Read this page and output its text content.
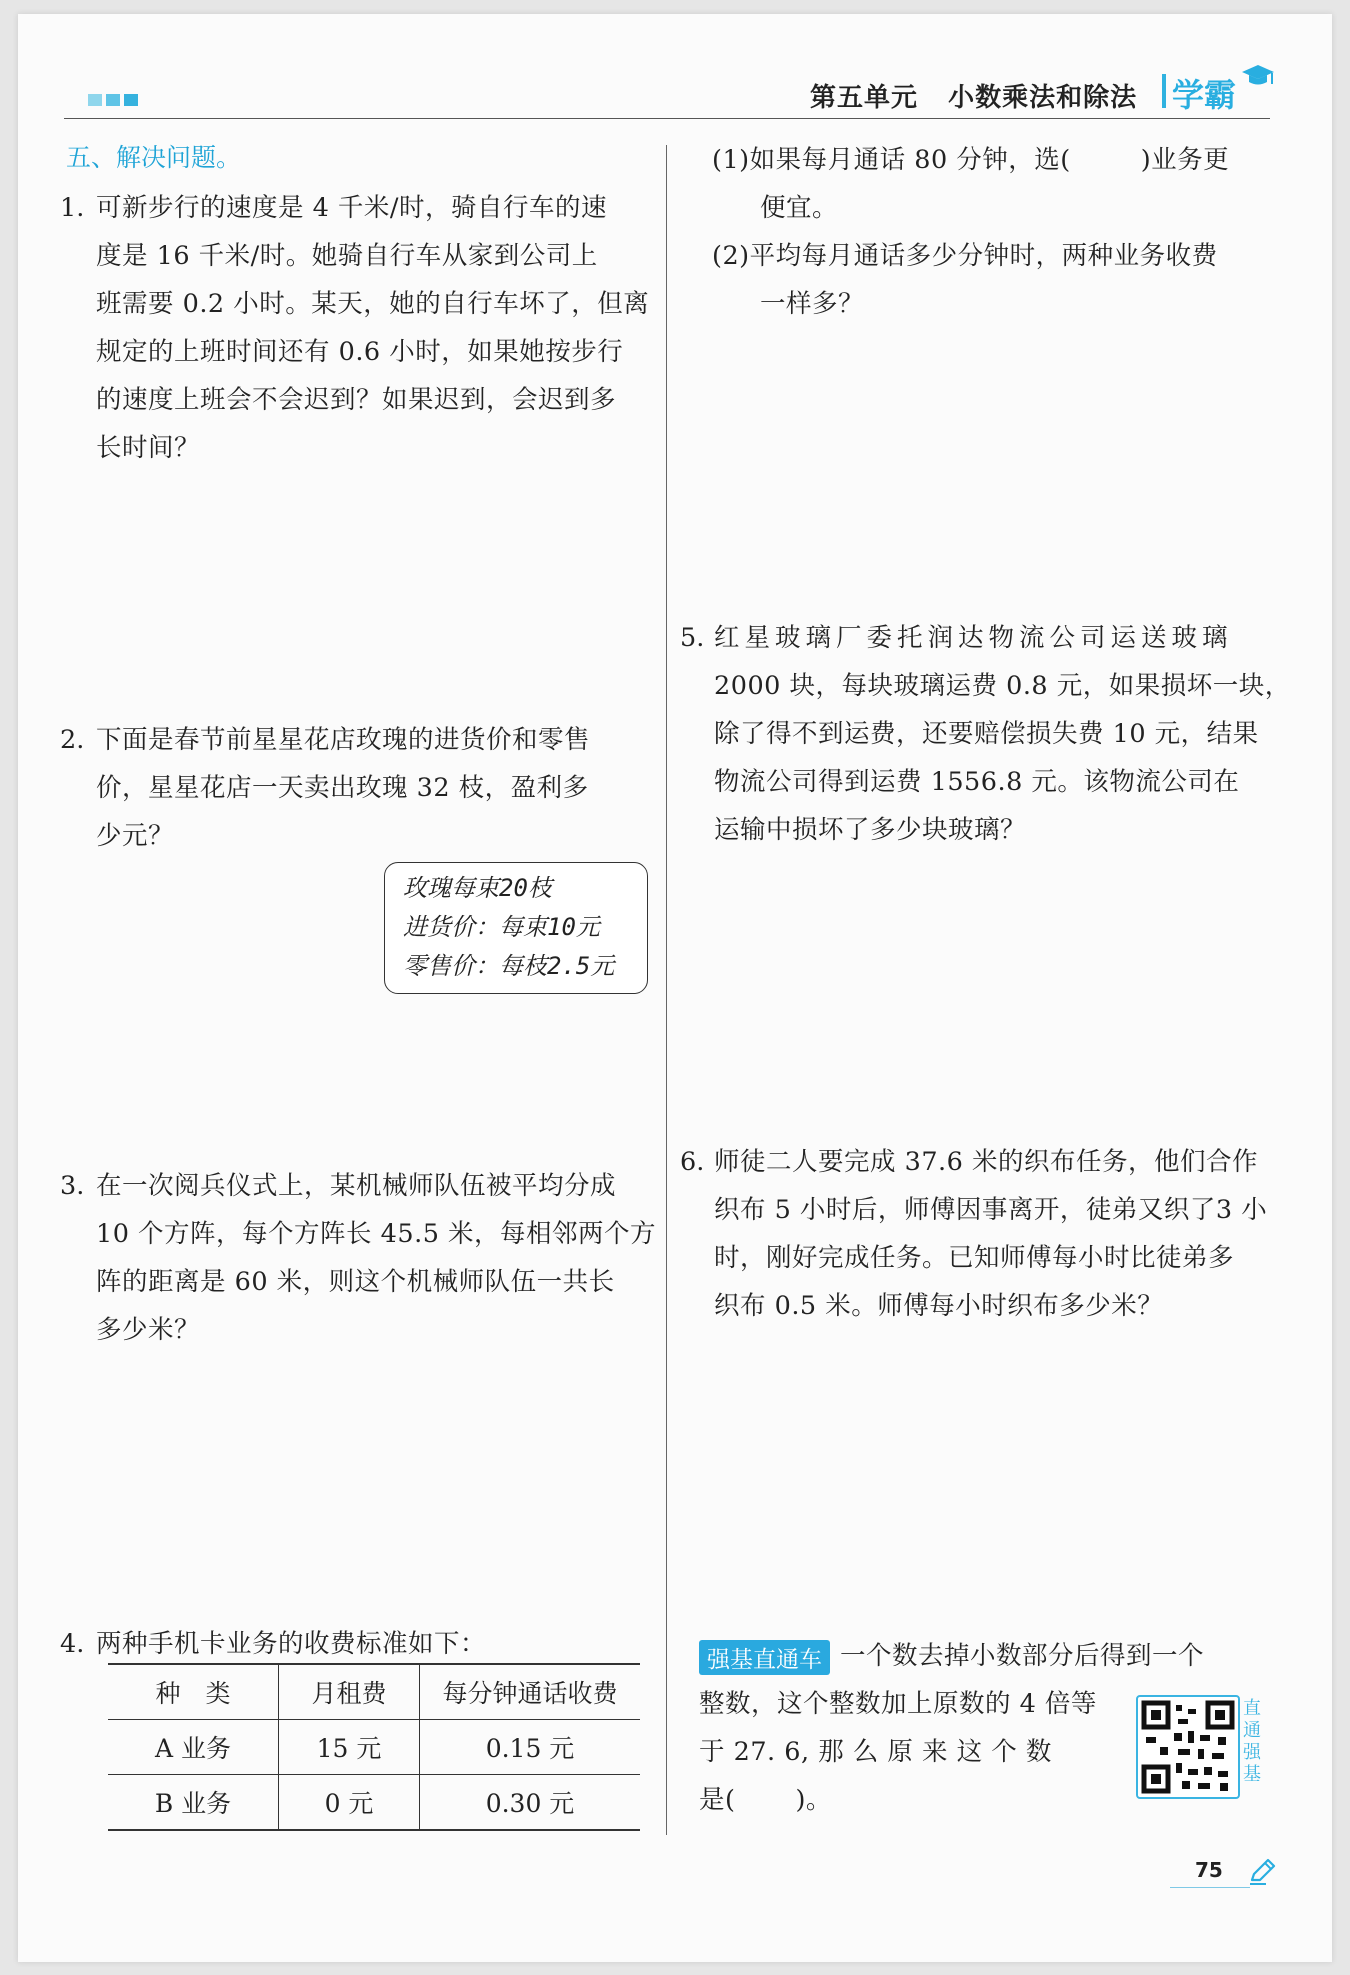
第五单元   小数乘法和除法 学霸
五、解决问题。
1. 可新步行的速度是 4 千米/时，骑自行车的速
度是 16 千米/时。她骑自行车从家到公司上
班需要 0.2 小时。某天，她的自行车坏了，但离
规定的上班时间还有 0.6 小时，如果她按步行
的速度上班会不会迟到？如果迟到，会迟到多
长时间？
2. 下面是春节前星星花店玫瑰的进货价和零售
价，星星花店一天卖出玫瑰 32 枝，盈利多
少元？
玫瑰每束20枝
进货价：每束10元
零售价：每枝2.5元
3. 在一次阅兵仪式上，某机械师队伍被平均分成
10 个方阵，每个方阵长 45.5 米，每相邻两个方
阵的距离是 60 米，则这个机械师队伍一共长
多少米？
4. 两种手机卡业务的收费标准如下：
种　类	月租费	每分钟通话收费
A 业务	15 元	0.15 元
B 业务	0 元	0.30 元
(1)如果每月通话 80 分钟，选(	)业务更
便宜。
(2)平均每月通话多少分钟时，两种业务收费
一样多？
5. 红星玻璃厂委托润达物流公司运送玻璃
2000 块，每块玻璃运费 0.8 元，如果损坏一块，
除了得不到运费，还要赔偿损失费 10 元，结果
物流公司得到运费 1556.8 元。该物流公司在
运输中损坏了多少块玻璃？
6. 师徒二人要完成 37.6 米的织布任务，他们合作
织布 5 小时后，师傅因事离开，徒弟又织了3 小
时，刚好完成任务。已知师傅每小时比徒弟多
织布 0.5 米。师傅每小时织布多少米？
强基直通车 一个数去掉小数部分后得到一个
整数，这个整数加上原数的 4 倍等
于 27. 6, 那 么 原 来 这 个 数
是( )。
直通强基
75
